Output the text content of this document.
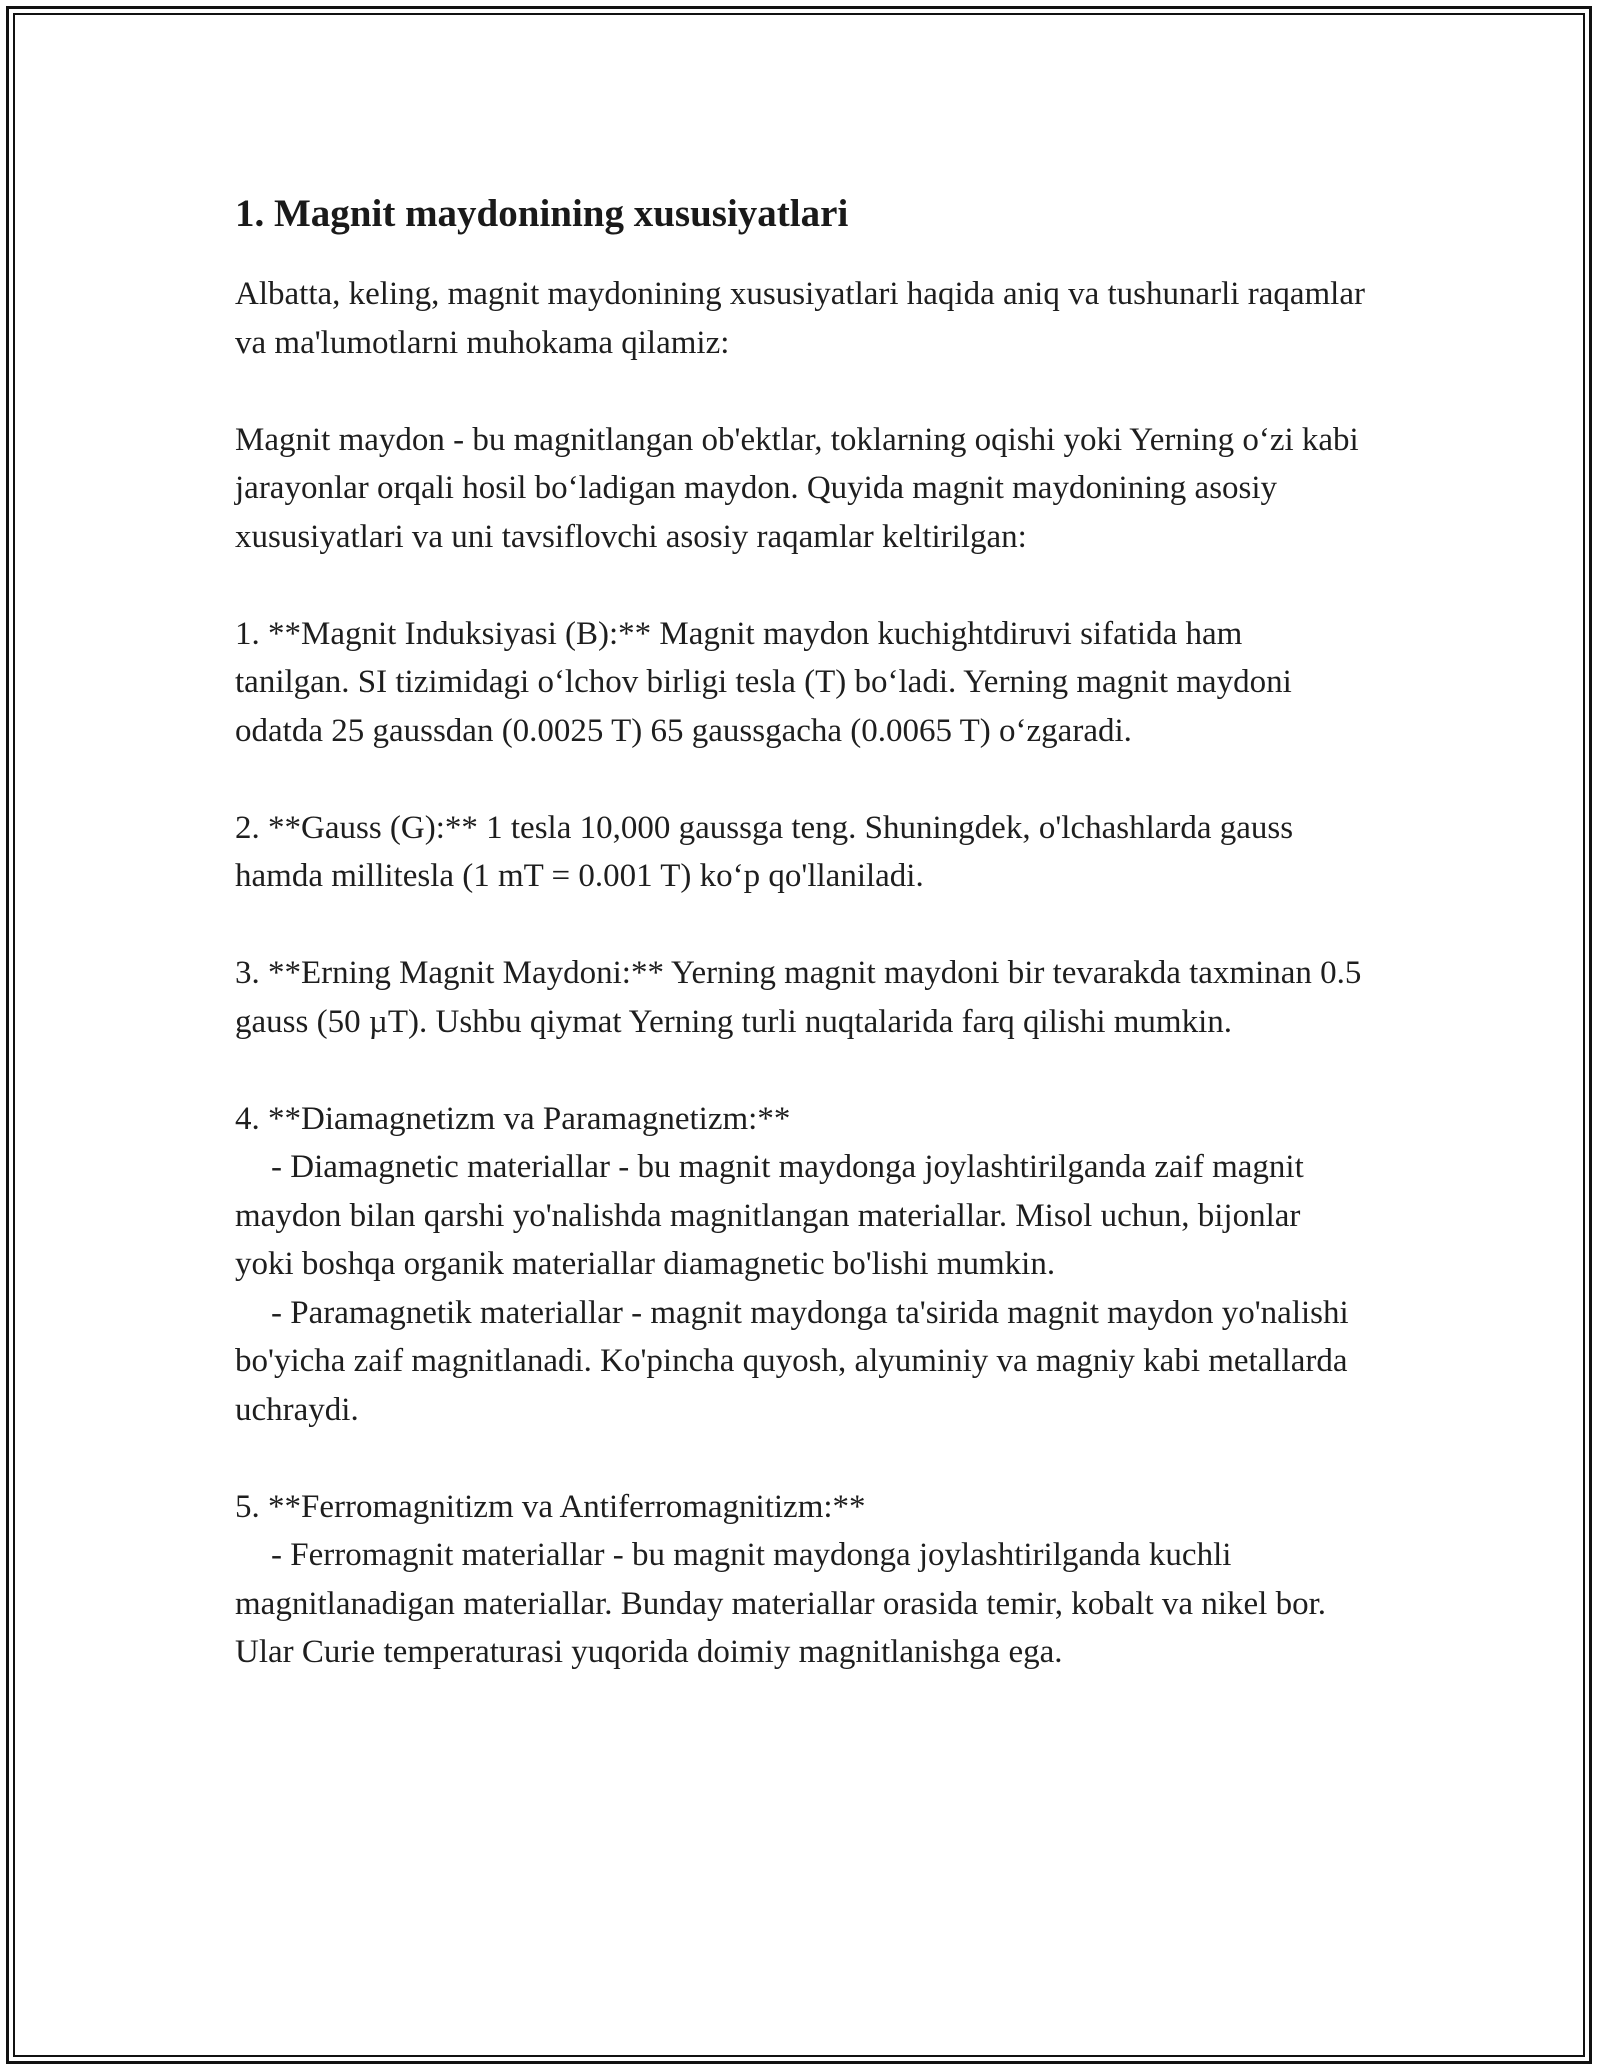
1. Magnit maydonining xususiyatlari

Albatta, keling, magnit maydonining xususiyatlari haqida aniq va tushunarli raqamlar va ma'lumotlarni muhokama qilamiz:

Magnit maydon - bu magnitlangan ob'ektlar, toklarning oqishi yoki Yerning o‘zi kabi jarayonlar orqali hosil bo‘ladigan maydon. Quyida magnit maydonining asosiy xususiyatlari va uni tavsiflovchi asosiy raqamlar keltirilgan:

1. **Magnit Induksiyasi (B):** Magnit maydon kuchightdiruvi sifatida ham tanilgan. SI tizimidagi o‘lchov birligi tesla (T) bo‘ladi. Yerning magnit maydoni odatda 25 gaussdan (0.0025 T) 65 gaussgacha (0.0065 T) o‘zgaradi.

2. **Gauss (G):** 1 tesla 10,000 gaussga teng. Shuningdek, o'lchashlarda gauss hamda millitesla (1 mT = 0.001 T) ko‘p qo'llaniladi.

3. **Erning Magnit Maydoni:** Yerning magnit maydoni bir tevarakda taxminan 0.5 gauss (50 µT). Ushbu qiymat Yerning turli nuqtalarida farq qilishi mumkin.

4. **Diamagnetizm va Paramagnetizm:**

- Diamagnetic materiallar - bu magnit maydonga joylashtirilganda zaif magnit maydon bilan qarshi yo'nalishda magnitlangan materiallar. Misol uchun, bijonlar yoki boshqa organik materiallar diamagnetic bo'lishi mumkin.

- Paramagnetik materiallar - magnit maydonga ta'sirida magnit maydon yo'nalishi bo'yicha zaif magnitlanadi. Ko'pincha quyosh, alyuminiy va magniy kabi metallarda uchraydi.

5. **Ferromagnitizm va Antiferromagnitizm:**

- Ferromagnit materiallar - bu magnit maydonga joylashtirilganda kuchli magnitlanadigan materiallar. Bunday materiallar orasida temir, kobalt va nikel bor. Ular Curie temperaturasi yuqorida doimiy magnitlanishga ega.
